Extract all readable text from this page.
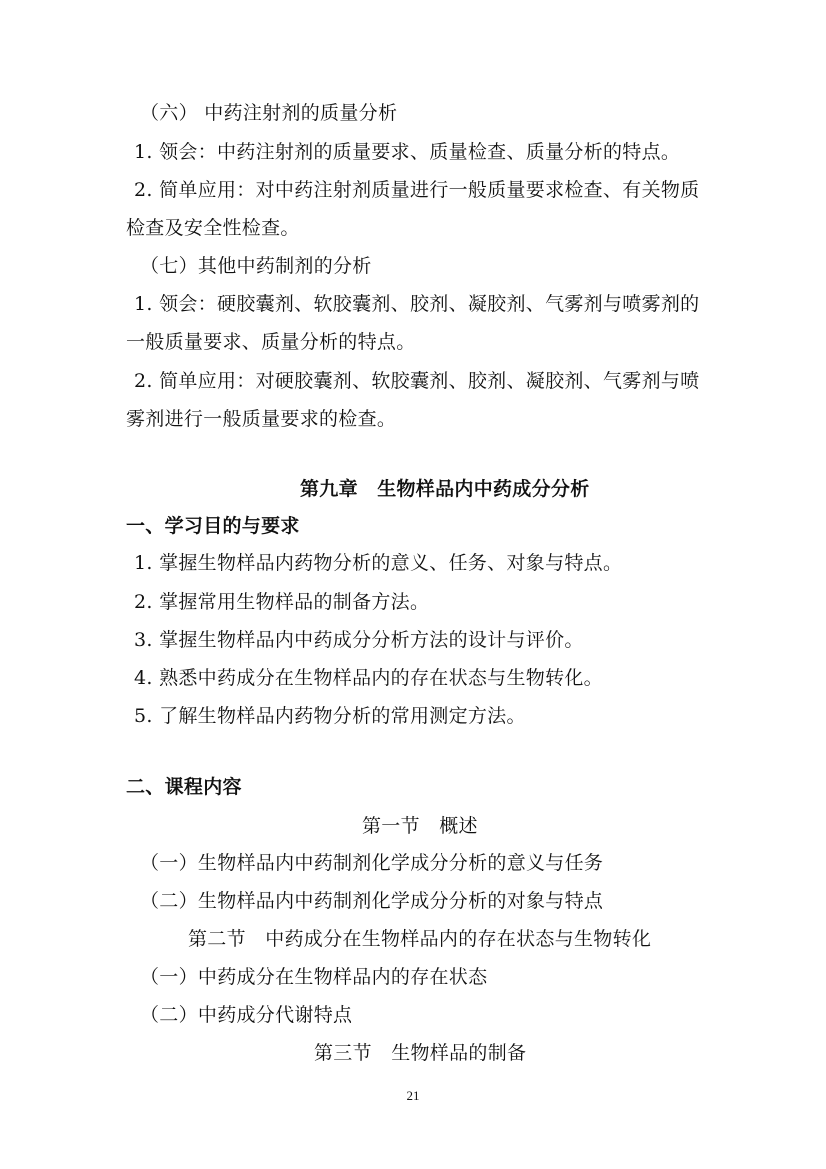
（六） 中药注射剂的质量分析
1. 领会：中药注射剂的质量要求、质量检查、质量分析的特点。
2. 简单应用：对中药注射剂质量进行一般质量要求检查、有关物质
检查及安全性检查。
（七）其他中药制剂的分析
1. 领会：硬胶囊剂、软胶囊剂、胶剂、凝胶剂、气雾剂与喷雾剂的
一般质量要求、质量分析的特点。
2. 简单应用：对硬胶囊剂、软胶囊剂、胶剂、凝胶剂、气雾剂与喷
雾剂进行一般质量要求的检查。
第九章　生物样品内中药成分分析
一、学习目的与要求
1. 掌握生物样品内药物分析的意义、任务、对象与特点。
2. 掌握常用生物样品的制备方法。
3. 掌握生物样品内中药成分分析方法的设计与评价。
4. 熟悉中药成分在生物样品内的存在状态与生物转化。
5. 了解生物样品内药物分析的常用测定方法。
二、课程内容
第一节　概述
（一）生物样品内中药制剂化学成分分析的意义与任务
（二）生物样品内中药制剂化学成分分析的对象与特点
第二节　中药成分在生物样品内的存在状态与生物转化
（一）中药成分在生物样品内的存在状态
（二）中药成分代谢特点
第三节　生物样品的制备
21
